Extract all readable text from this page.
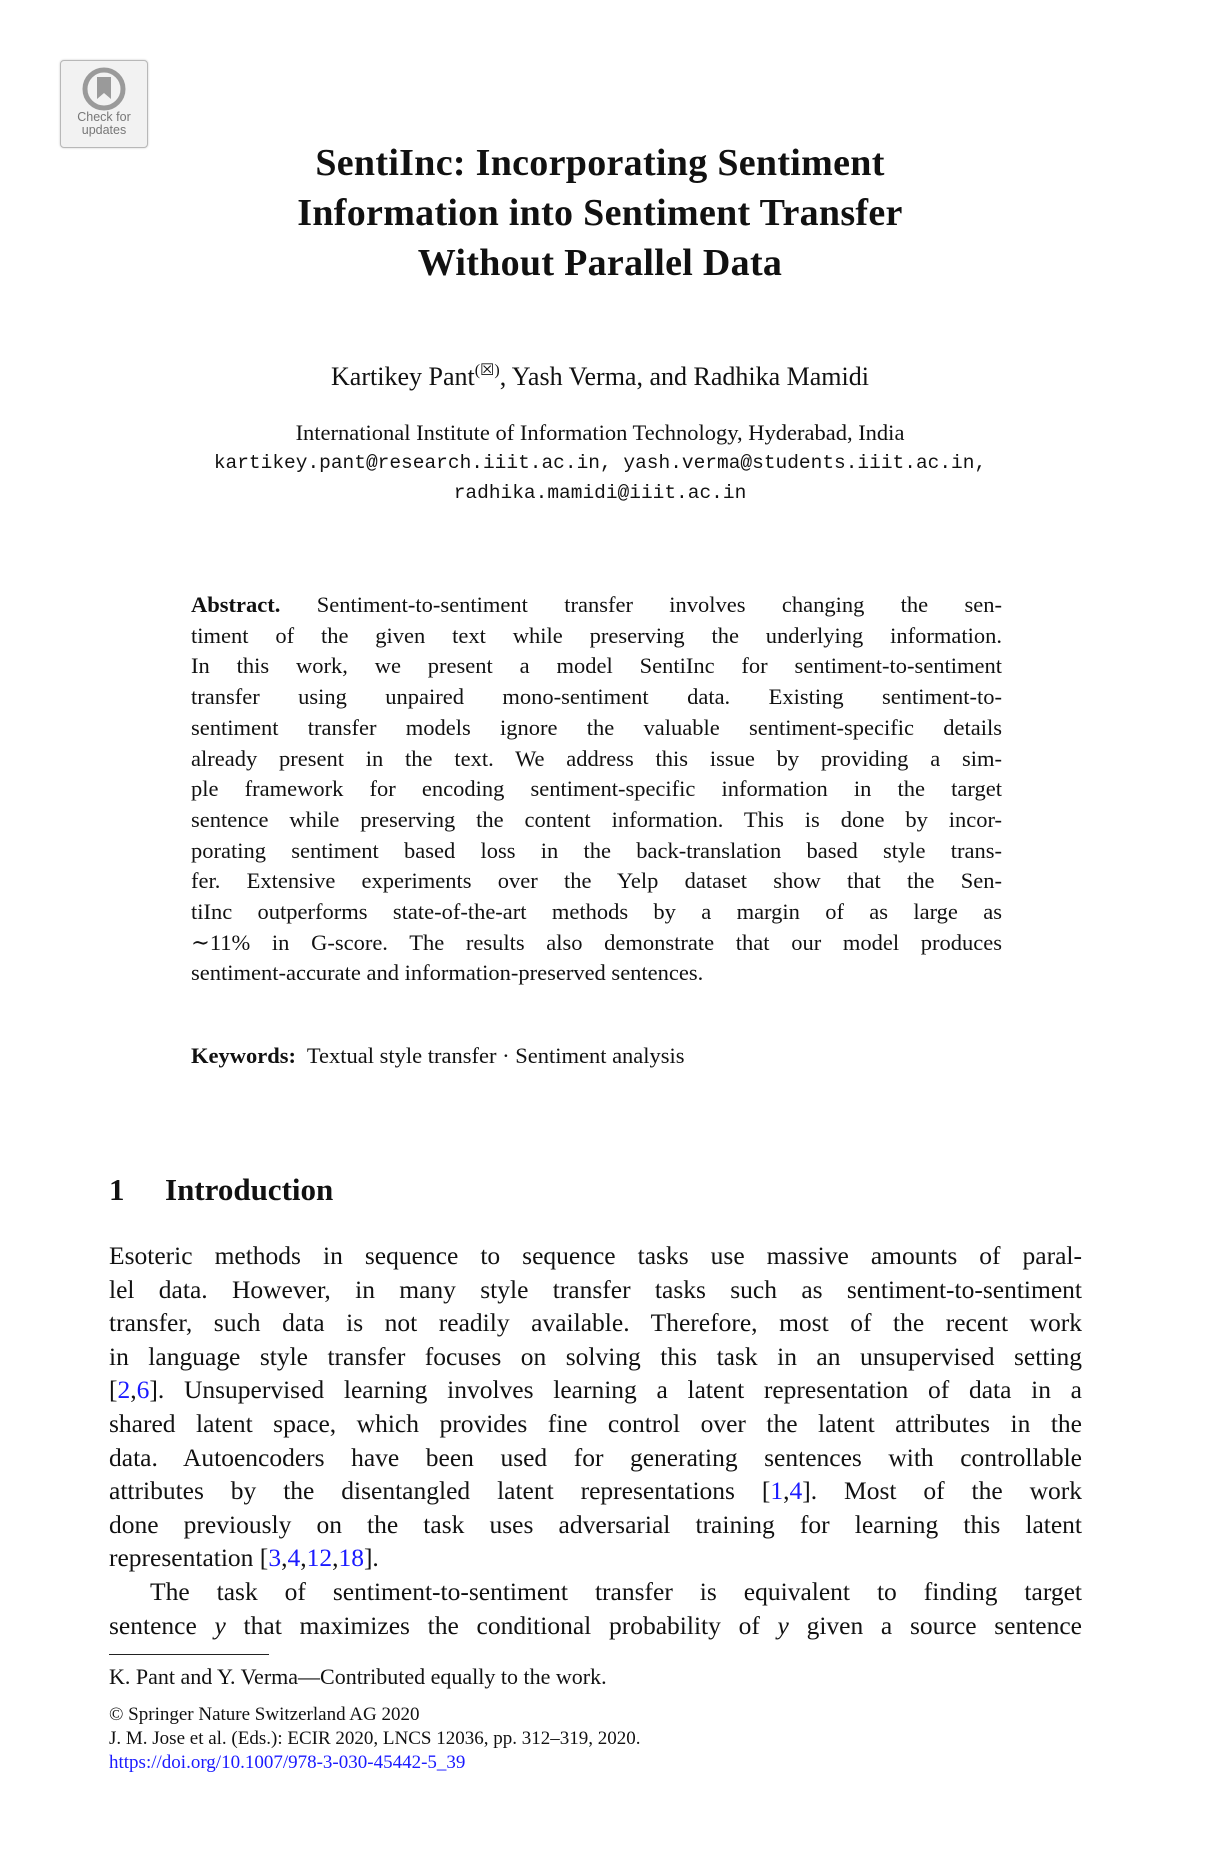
Check for
updates
SentiInc: Incorporating Sentiment
Information into Sentiment Transfer
Without Parallel Data
Kartikey Pant(☒), Yash Verma, and Radhika Mamidi
International Institute of Information Technology, Hyderabad, India
kartikey.pant@research.iiit.ac.in, yash.verma@students.iiit.ac.in,
radhika.mamidi@iiit.ac.in
Abstract. Sentiment-to-sentiment transfer involves changing the sen-
timent of the given text while preserving the underlying information.
In this work, we present a model SentiInc for sentiment-to-sentiment
transfer using unpaired mono-sentiment data. Existing sentiment-to-
sentiment transfer models ignore the valuable sentiment-specific details
already present in the text. We address this issue by providing a sim-
ple framework for encoding sentiment-specific information in the target
sentence while preserving the content information. This is done by incor-
porating sentiment based loss in the back-translation based style trans-
fer. Extensive experiments over the Yelp dataset show that the Sen-
tiInc outperforms state-of-the-art methods by a margin of as large as
∼11% in G-score. The results also demonstrate that our model produces
sentiment-accurate and information-preserved sentences.
Keywords: Textual style transfer · Sentiment analysis
1 Introduction
Esoteric methods in sequence to sequence tasks use massive amounts of paral-
lel data. However, in many style transfer tasks such as sentiment-to-sentiment
transfer, such data is not readily available. Therefore, most of the recent work
in language style transfer focuses on solving this task in an unsupervised setting
[2,6]. Unsupervised learning involves learning a latent representation of data in a
shared latent space, which provides fine control over the latent attributes in the
data. Autoencoders have been used for generating sentences with controllable
attributes by the disentangled latent representations [1,4]. Most of the work
done previously on the task uses adversarial training for learning this latent
representation [3,4,12,18].
The task of sentiment-to-sentiment transfer is equivalent to finding target
sentence y that maximizes the conditional probability of y given a source sentence
K. Pant and Y. Verma—Contributed equally to the work.
© Springer Nature Switzerland AG 2020
J. M. Jose et al. (Eds.): ECIR 2020, LNCS 12036, pp. 312–319, 2020.
https://doi.org/10.1007/978-3-030-45442-5_39
